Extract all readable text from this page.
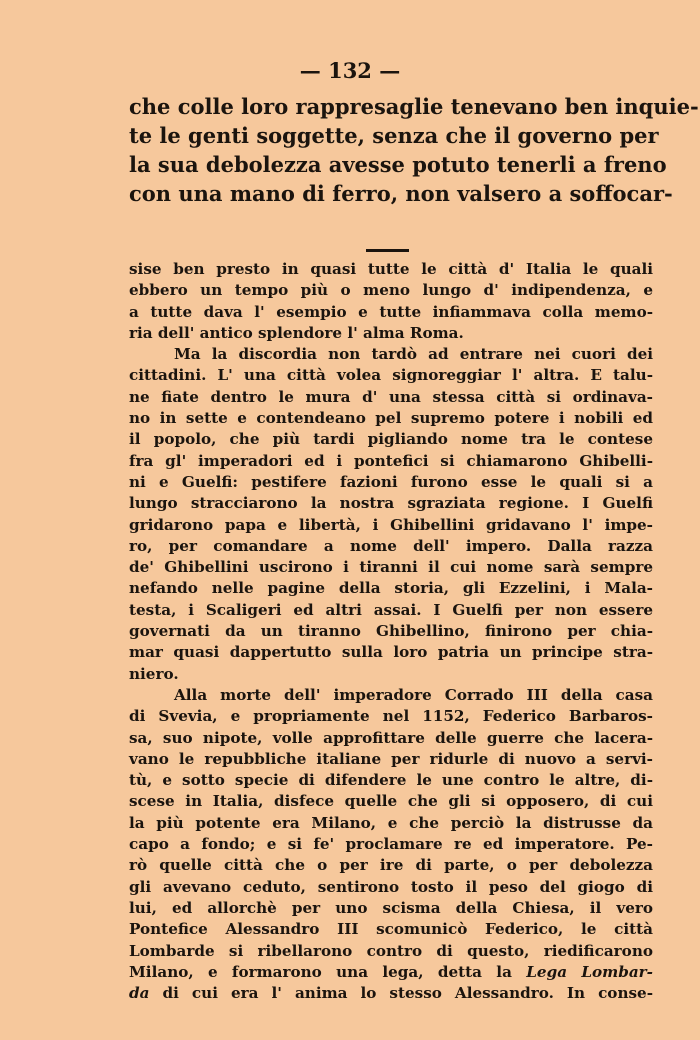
— 132 —
che colle loro rappresaglie tenevano ben inquie-
te le genti soggette, senza che il governo per
la sua debolezza avesse potuto tenerli a freno
con una mano di ferro, non valsero a soffocar-
sise ben presto in quasi tutte le città d' Italia le quali
ebbero un tempo più o meno lungo d' indipendenza, e
a tutte dava l' esempio e tutte infiammava colla memo-
ria dell' antico splendore l' alma Roma.
Ma la discordia non tardò ad entrare nei cuori dei
cittadini. L' una città volea signoreggiar l' altra. E talu-
ne fiate dentro le mura d' una stessa città si ordinava-
no in sette e contendeano pel supremo potere i nobili ed
il popolo, che più tardi pigliando nome tra le contese
fra gl' imperadori ed i pontefici si chiamarono Ghibelli-
ni e Guelfi: pestifere fazioni furono esse le quali si a
lungo stracciarono la nostra sgraziata regione. I Guelfi
gridarono papa e libertà, i Ghibellini gridavano l' impe-
ro, per comandare a nome dell' impero. Dalla razza
de' Ghibellini uscirono i tiranni il cui nome sarà sempre
nefando nelle pagine della storia, gli Ezzelini, i Mala-
testa, i Scaligeri ed altri assai. I Guelfi per non essere
governati da un tiranno Ghibellino, finirono per chia-
mar quasi dappertutto sulla loro patria un principe stra-
niero.
Alla morte dell' imperadore Corrado III della casa
di Svevia, e propriamente nel 1152, Federico Barbaros-
sa, suo nipote, volle approfittare delle guerre che lacera-
vano le repubbliche italiane per ridurle di nuovo a servi-
tù, e sotto specie di difendere le une contro le altre, di-
scese in Italia, disfece quelle che gli si opposero, di cui
la più potente era Milano, e che perciò la distrusse da
capo a fondo; e si fe' proclamare re ed imperatore. Pe-
rò quelle città che o per ire di parte, o per debolezza
gli avevano ceduto, sentirono tosto il peso del giogo di
lui, ed allorchè per uno scisma della Chiesa, il vero
Pontefice Alessandro III scomunicò Federico, le città
Lombarde si ribellarono contro di questo, riedificarono
Milano, e formarono una lega, detta la Lega Lombar-
da di cui era l' anima lo stesso Alessandro. In conse-
